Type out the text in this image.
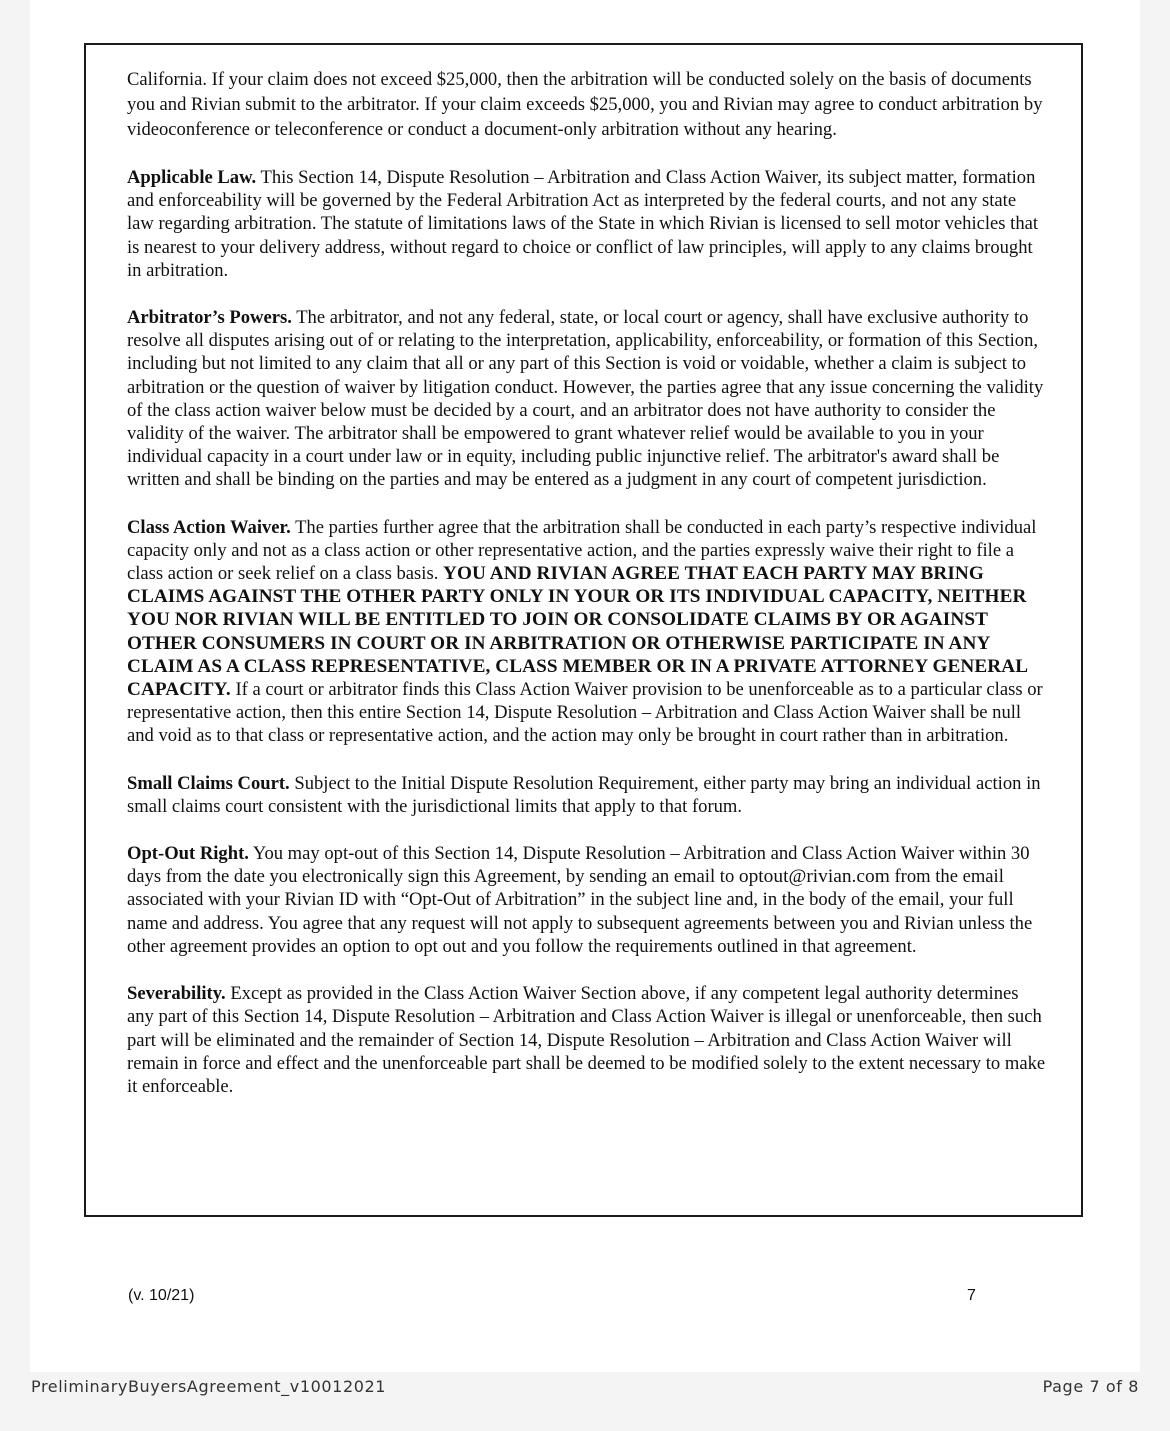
California. If your claim does not exceed $25,000, then the arbitration will be conducted solely on the basis of documents you and Rivian submit to the arbitrator. If your claim exceeds $25,000, you and Rivian may agree to conduct arbitration by videoconference or teleconference or conduct a document-only arbitration without any hearing.

Applicable Law. This Section 14, Dispute Resolution – Arbitration and Class Action Waiver, its subject matter, formation and enforceability will be governed by the Federal Arbitration Act as interpreted by the federal courts, and not any state law regarding arbitration. The statute of limitations laws of the State in which Rivian is licensed to sell motor vehicles that is nearest to your delivery address, without regard to choice or conflict of law principles, will apply to any claims brought in arbitration.

Arbitrator’s Powers. The arbitrator, and not any federal, state, or local court or agency, shall have exclusive authority to resolve all disputes arising out of or relating to the interpretation, applicability, enforceability, or formation of this Section, including but not limited to any claim that all or any part of this Section is void or voidable, whether a claim is subject to arbitration or the question of waiver by litigation conduct. However, the parties agree that any issue concerning the validity of the class action waiver below must be decided by a court, and an arbitrator does not have authority to consider the validity of the waiver. The arbitrator shall be empowered to grant whatever relief would be available to you in your individual capacity in a court under law or in equity, including public injunctive relief. The arbitrator's award shall be written and shall be binding on the parties and may be entered as a judgment in any court of competent jurisdiction.

Class Action Waiver. The parties further agree that the arbitration shall be conducted in each party’s respective individual capacity only and not as a class action or other representative action, and the parties expressly waive their right to file a class action or seek relief on a class basis. YOU AND RIVIAN AGREE THAT EACH PARTY MAY BRING CLAIMS AGAINST THE OTHER PARTY ONLY IN YOUR OR ITS INDIVIDUAL CAPACITY, NEITHER YOU NOR RIVIAN WILL BE ENTITLED TO JOIN OR CONSOLIDATE CLAIMS BY OR AGAINST OTHER CONSUMERS IN COURT OR IN ARBITRATION OR OTHERWISE PARTICIPATE IN ANY CLAIM AS A CLASS REPRESENTATIVE, CLASS MEMBER OR IN A PRIVATE ATTORNEY GENERAL CAPACITY. If a court or arbitrator finds this Class Action Waiver provision to be unenforceable as to a particular class or representative action, then this entire Section 14, Dispute Resolution – Arbitration and Class Action Waiver shall be null and void as to that class or representative action, and the action may only be brought in court rather than in arbitration.

Small Claims Court. Subject to the Initial Dispute Resolution Requirement, either party may bring an individual action in small claims court consistent with the jurisdictional limits that apply to that forum.

Opt-Out Right. You may opt-out of this Section 14, Dispute Resolution – Arbitration and Class Action Waiver within 30 days from the date you electronically sign this Agreement, by sending an email to optout@rivian.com from the email associated with your Rivian ID with “Opt-Out of Arbitration” in the subject line and, in the body of the email, your full name and address. You agree that any request will not apply to subsequent agreements between you and Rivian unless the other agreement provides an option to opt out and you follow the requirements outlined in that agreement.

Severability. Except as provided in the Class Action Waiver Section above, if any competent legal authority determines any part of this Section 14, Dispute Resolution – Arbitration and Class Action Waiver is illegal or unenforceable, then such part will be eliminated and the remainder of Section 14, Dispute Resolution – Arbitration and Class Action Waiver will remain in force and effect and the unenforceable part shall be deemed to be modified solely to the extent necessary to make it enforceable.

(v. 10/21)	7
PreliminaryBuyersAgreement_v10012021	Page 7 of 8
